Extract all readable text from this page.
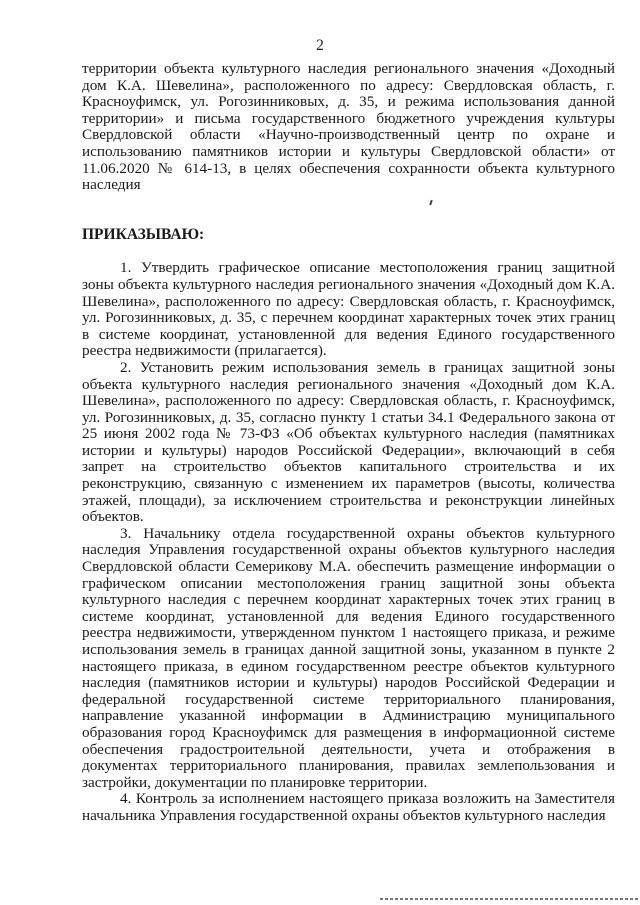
2

территории объекта культурного наследия регионального значения «Доходный дом К.А. Шевелина», расположенного по адресу: Свердловская область, г. Красноуфимск, ул. Рогозинниковых, д. 35, и режима использования данной территории» и письма государственного бюджетного учреждения культуры Свердловской области «Научно-производственный центр по охране и использованию памятников истории и культуры Свердловской области» от 11.06.2020 № 614-13, в целях обеспечения сохранности объекта культурного наследия

ПРИКАЗЫВАЮ:

1. Утвердить графическое описание местоположения границ защитной зоны объекта культурного наследия регионального значения «Доходный дом К.А. Шевелина», расположенного по адресу: Свердловская область, г. Красноуфимск, ул. Рогозинниковых, д. 35, с перечнем координат характерных точек этих границ в системе координат, установленной для ведения Единого государственного реестра недвижимости (прилагается).

2. Установить режим использования земель в границах защитной зоны объекта культурного наследия регионального значения «Доходный дом К.А. Шевелина», расположенного по адресу: Свердловская область, г. Красноуфимск, ул. Рогозинниковых, д. 35, согласно пункту 1 статьи 34.1 Федерального закона от 25 июня 2002 года № 73-ФЗ «Об объектах культурного наследия (памятниках истории и культуры) народов Российской Федерации», включающий в себя запрет на строительство объектов капитального строительства и их реконструкцию, связанную с изменением их параметров (высоты, количества этажей, площади), за исключением строительства и реконструкции линейных объектов.

3. Начальнику отдела государственной охраны объектов культурного наследия Управления государственной охраны объектов культурного наследия Свердловской области Семерикову М.А. обеспечить размещение информации о графическом описании местоположения границ защитной зоны объекта культурного наследия с перечнем координат характерных точек этих границ в системе координат, установленной для ведения Единого государственного реестра недвижимости, утвержденном пунктом 1 настоящего приказа, и режиме использования земель в границах данной защитной зоны, указанном в пункте 2 настоящего приказа, в едином государственном реестре объектов культурного наследия (памятников истории и культуры) народов Российской Федерации и федеральной государственной системе территориального планирования, направление указанной информации в Администрацию муниципального образования город Красноуфимск для размещения в информационной системе обеспечения градостроительной деятельности, учета и отображения в документах территориального планирования, правилах землепользования и застройки, документации по планировке территории.

4. Контроль за исполнением настоящего приказа возложить на Заместителя начальника Управления государственной охраны объектов культурного наследия
